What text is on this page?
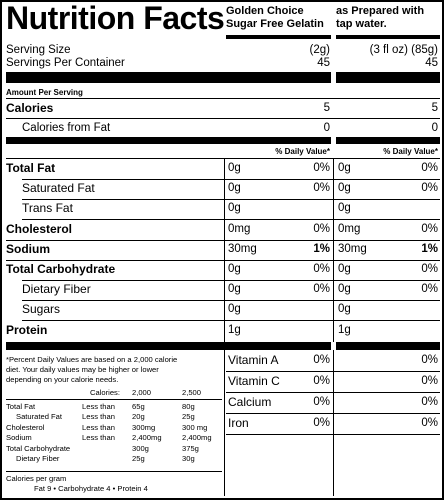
Nutrition Facts Golden Choice
Sugar Free Gelatin
as Prepared with
tap water.
Serving Size	(2g)	(3 fl oz) (85g)
Servings Per Container	45	45
Amount Per Serving
Calories	5	5
Calories from Fat	0	0
% Daily Value*	% Daily Value*
Total Fat	0g	0% 0g	0%
Saturated Fat	0g	0% 0g	0%
Trans Fat	0g	0g
Cholesterol	0mg	0% 0mg	0%
Sodium	30mg	1% 30mg	1%
Total Carbohydrate	0g	0% 0g	0%
Dietary Fiber	0g	0% 0g	0%
Sugars	0g	0g
Protein	1g	1g
Vitamin A	0%	0%
Vitamin C	0%	0%
Calcium	0%	0%
Iron	0%	0%
*Percent Daily Values are based on a 2,000 calorie
diet. Your daily values may be higher or lower
depending on your calorie needs.
Calories: 2,000	2,500
Total Fat	Less than 65g	80g
Saturated Fat	Less than 20g	25g
Cholesterol	Less than 300mg	300 mg
Sodium	Less than 2,400mg	2,400mg
Total Carbohydrate	300g	375g
Dietary Fiber	25g	30g
Calories per gram
Fat 9 • Carbohydrate 4 • Protein 4
